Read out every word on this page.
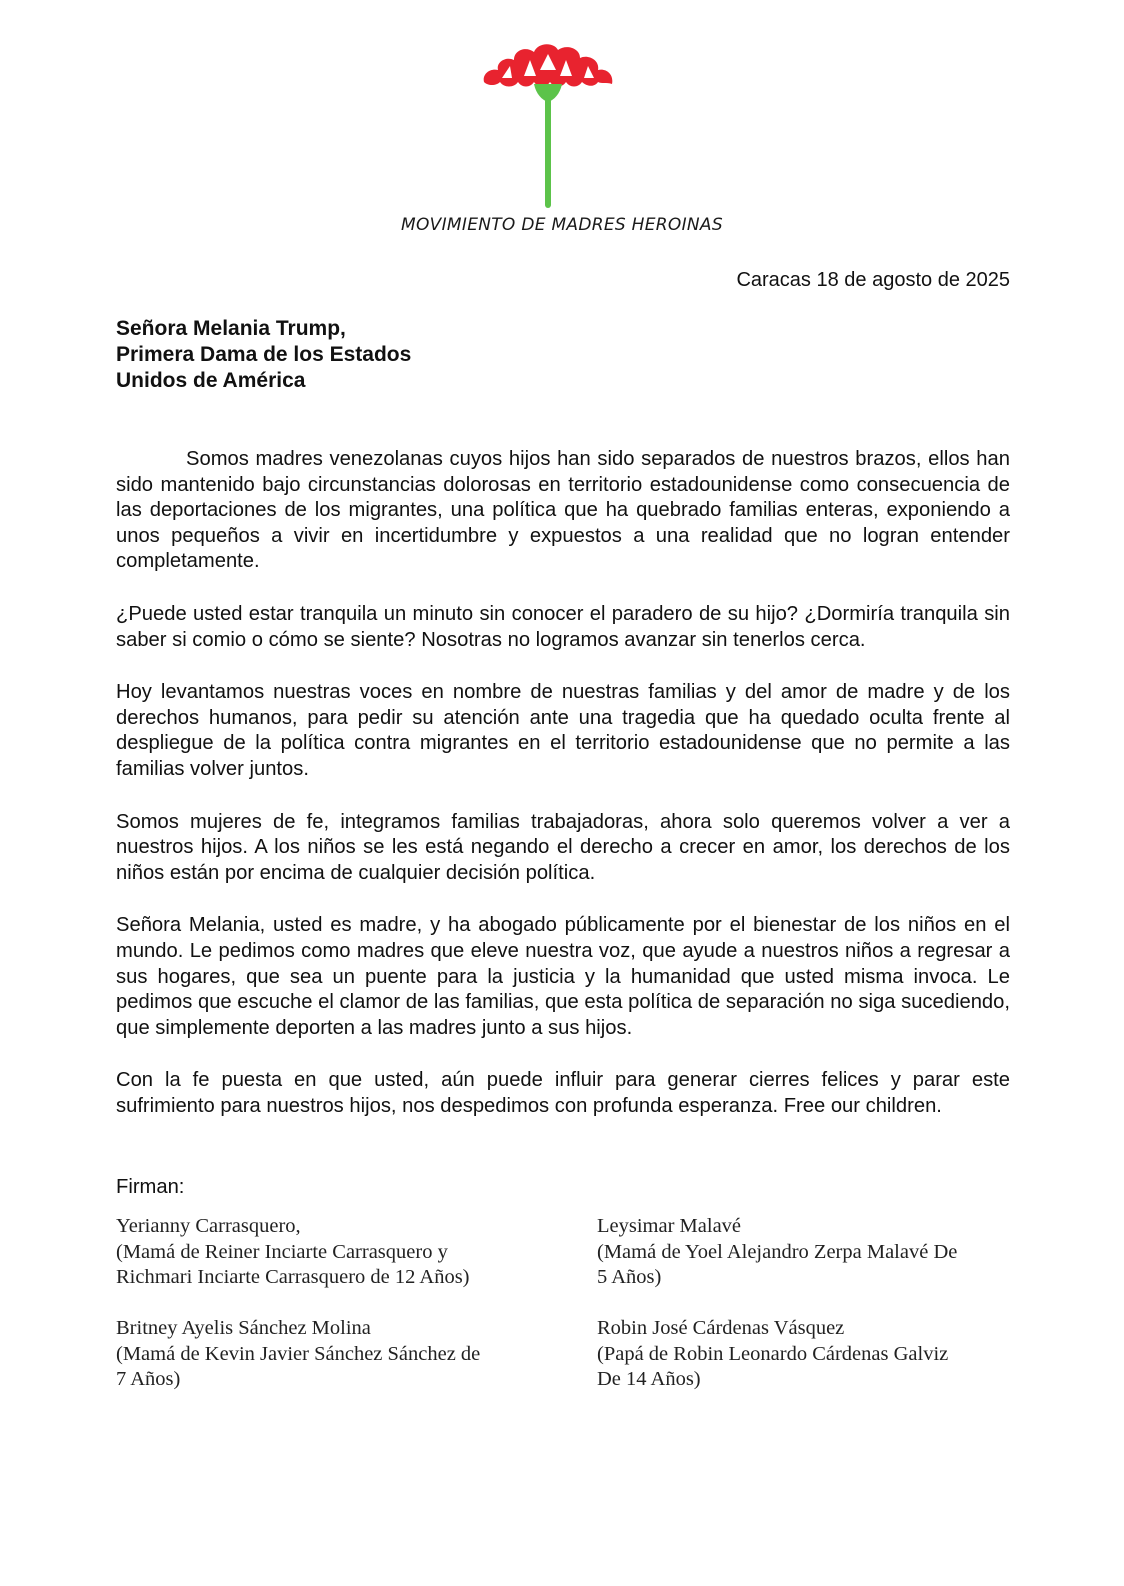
MOVIMIENTO DE MADRES HEROINAS
Caracas 18 de agosto de 2025
Señora Melania Trump,
Primera Dama de los Estados
Unidos de América

Somos madres venezolanas cuyos hijos han sido separados de nuestros brazos, ellos han sido mantenido bajo circunstancias dolorosas en territorio estadounidense como consecuencia de las deportaciones de los migrantes, una política que ha quebrado familias enteras, exponiendo a unos pequeños a vivir en incertidumbre y expuestos a una realidad que no logran entender completamente.

¿Puede usted estar tranquila un minuto sin conocer el paradero de su hijo? ¿Dormiría tranquila sin saber si comio o cómo se siente? Nosotras no logramos avanzar sin tenerlos cerca.

Hoy levantamos nuestras voces en nombre de nuestras familias y del amor de madre y de los derechos humanos, para pedir su atención ante una tragedia que ha quedado oculta frente al despliegue de la política contra migrantes en el territorio estadounidense que no permite a las familias volver juntos.

Somos mujeres de fe, integramos familias trabajadoras, ahora solo queremos volver a ver a nuestros hijos. A los niños se les está negando el derecho a crecer en amor, los derechos de los niños están por encima de cualquier decisión política.

Señora Melania, usted es madre, y ha abogado públicamente por el bienestar de los niños en el mundo. Le pedimos como madres que eleve nuestra voz, que ayude a nuestros niños a regresar a sus hogares, que sea un puente para la justicia y la humanidad que usted misma invoca. Le pedimos que escuche el clamor de las familias, que esta política de separación no siga sucediendo, que simplemente deporten a las madres junto a sus hijos.

Con la fe puesta en que usted, aún puede influir para generar cierres felices y parar este sufrimiento para nuestros hijos, nos despedimos con profunda esperanza. Free our children.

Firman:
Yerianny Carrasquero,
(Mamá de Reiner Inciarte Carrasquero y
Richmari Inciarte Carrasquero de 12 Años)
Leysimar Malavé
(Mamá de Yoel Alejandro Zerpa Malavé De
5 Años)
Britney Ayelis Sánchez Molina
(Mamá de Kevin Javier Sánchez Sánchez de
7 Años)
Robin José Cárdenas Vásquez
(Papá de Robin Leonardo Cárdenas Galviz
De 14 Años)
